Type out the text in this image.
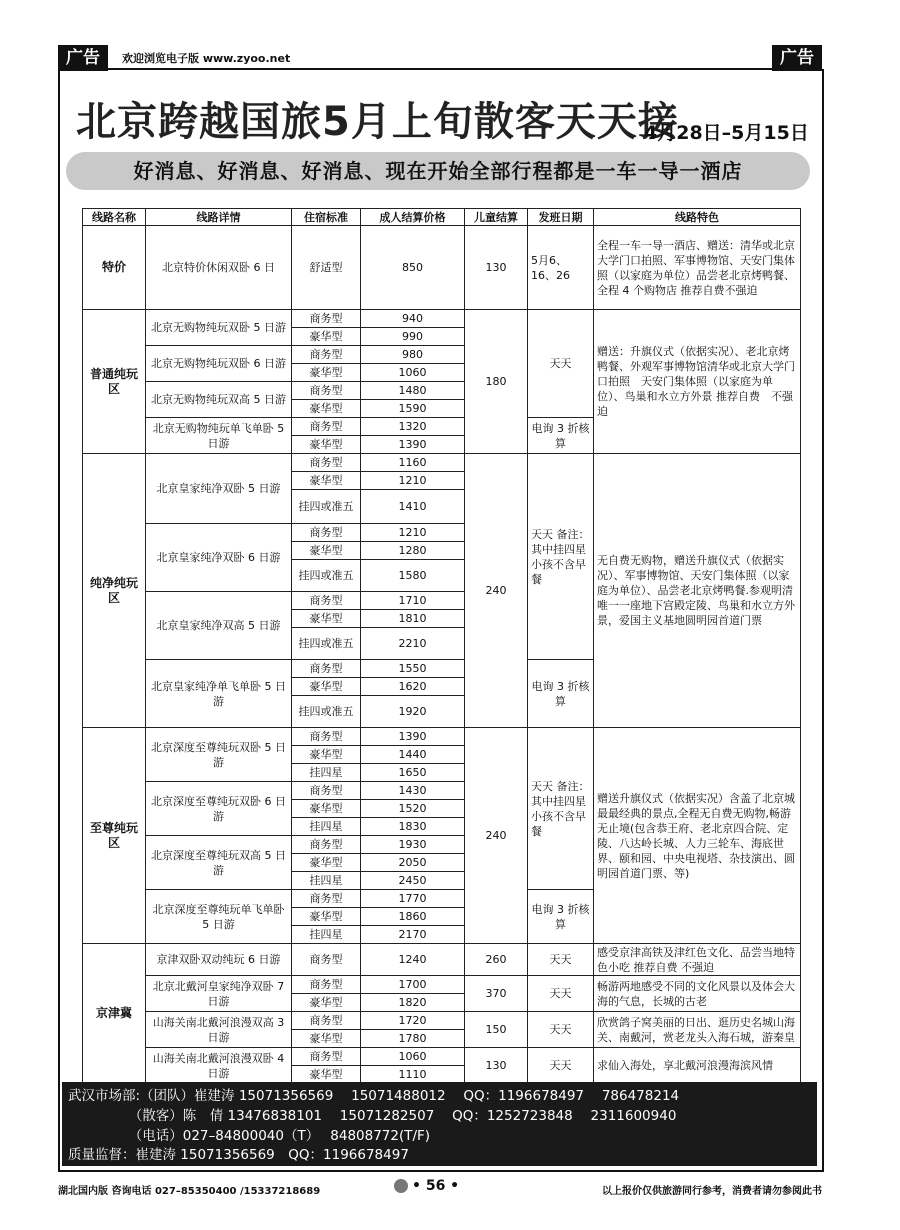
广告	欢迎浏览电子版 www.zyoo.net	广告
北京跨越国旅5月上旬散客天天接
4月28日–5月15日
好消息、好消息、好消息、现在开始全部行程都是一车一导一酒店
线路名称	线路详情	住宿标准	成人结算价格	儿童结算	发班日期	线路特色
特价	北京特价休闲双卧 6 日	舒适型	850	130	5月6、16、26	全程一车一导一酒店、赠送：清华或北京大学门口拍照、军事博物馆、天安门集体照（以家庭为单位）品尝老北京烤鸭餐、全程 4 个购物店 推荐自费不强迫
普通纯玩区	北京无购物纯玩双卧 5 日游	商务型	940	180	天天	赠送：升旗仪式（依据实况）、老北京烤鸭餐、外观军事博物馆清华或北京大学门口拍照　天安门集体照（以家庭为单位）、鸟巢和水立方外景 推荐自费　不强迫
		豪华型	990			
	北京无购物纯玩双卧 6 日游	商务型	980			
		豪华型	1060			
	北京无购物纯玩双高 5 日游	商务型	1480			
		豪华型	1590			
	北京无购物纯玩单飞单卧 5 日游	商务型	1320		电询 3 折核算	
		豪华型	1390			
纯净纯玩区	北京皇家纯净双卧 5 日游	商务型	1160	240	天天 备注：其中挂四星小孩不含早餐	无自费无购物，赠送升旗仪式（依据实况）、军事博物馆、天安门集体照（以家庭为单位）、品尝老北京烤鸭餐.参观明清唯一一座地下宫殿定陵、鸟巢和水立方外景，爱国主义基地圆明园首道门票
		豪华型	1210			
		挂四或准五	1410			
	北京皇家纯净双卧 6 日游	商务型	1210			
		豪华型	1280			
		挂四或准五	1580			
	北京皇家纯净双高 5 日游	商务型	1710			
		豪华型	1810			
		挂四或准五	2210			
	北京皇家纯净单飞单卧 5 日游	商务型	1550		电询 3 折核算	
		豪华型	1620			
		挂四或准五	1920			
至尊纯玩区	北京深度至尊纯玩双卧 5 日游	商务型	1390	240	天天 备注：其中挂四星小孩不含早餐	赠送升旗仪式（依据实况）含盖了北京城最最经典的景点,全程无自费无购物,畅游无止境(包含恭王府、老北京四合院、定陵、八达岭长城、人力三轮车、海底世界、颐和园、中央电视塔、杂技演出、圆明园首道门票、等)
		豪华型	1440			
		挂四星	1650			
	北京深度至尊纯玩双卧 6 日游	商务型	1430			
		豪华型	1520			
		挂四星	1830			
	北京深度至尊纯玩双高 5 日游	商务型	1930			
		豪华型	2050			
		挂四星	2450			
	北京深度至尊纯玩单飞单卧 5 日游	商务型	1770		电询 3 折核算	
		豪华型	1860			
		挂四星	2170			
京津冀	京津双卧双动纯玩 6 日游	商务型	1240	260	天天	感受京津高铁及津红色文化、品尝当地特色小吃 推荐自费 不强迫
	北京北戴河皇家纯净双卧 7 日游	商务型	1700	370	天天	畅游两地感受不同的文化风景以及体会大海的气息，长城的古老
		豪华型	1820			
	山海关南北戴河浪漫双高 3 日游	商务型	1720	150	天天	欣赏鸽子窝美丽的日出、逛历史名城山海关、南戴河，赏老龙头入海石城，游秦皇
		豪华型	1780			
	山海关南北戴河浪漫双卧 4 日游	商务型	1060	130	天天	求仙入海处，享北戴河浪漫海滨风情
		豪华型	1110			
武汉市场部:（团队）崔建涛 15071356569　 15071488012　 QQ：1196678497　 786478214
　　　　　（散客）陈　倩 13476838101　 15071282507　 QQ：1252723848　 2311600940
　　　　　（电话）027–84800040（T）　 84808772(T/F)
质量监督：崔建涛 15071356569　QQ：1196678497
湖北国内版 咨询电话 027–85350400 /15337218689	• 56 •	以上报价仅供旅游同行参考，消费者请勿参阅此书
